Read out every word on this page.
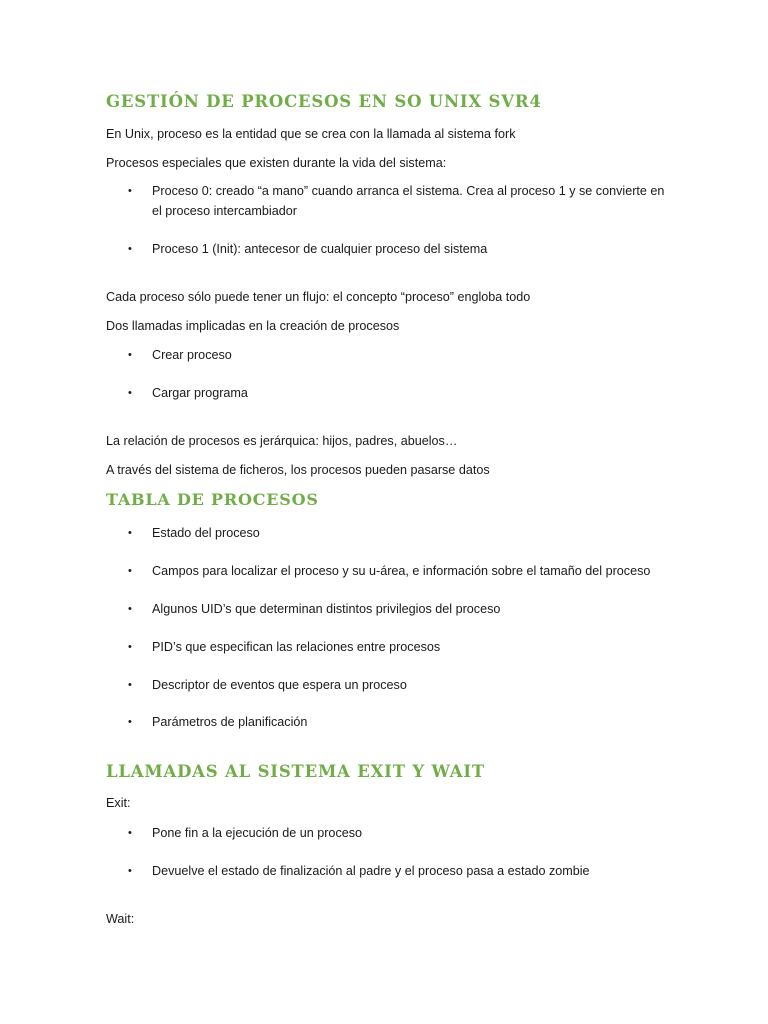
GESTIÓN DE PROCESOS EN SO UNIX SVR4

En Unix, proceso es la entidad que se crea con la llamada al sistema fork

Procesos especiales que existen durante la vida del sistema:

• Proceso 0: creado “a mano” cuando arranca el sistema. Crea al proceso 1 y se convierte en el proceso intercambiador

• Proceso 1 (Init): antecesor de cualquier proceso del sistema

Cada proceso sólo puede tener un flujo: el concepto “proceso” engloba todo

Dos llamadas implicadas en la creación de procesos

• Crear proceso

• Cargar programa

La relación de procesos es jerárquica: hijos, padres, abuelos…

A través del sistema de ficheros, los procesos pueden pasarse datos

TABLA DE PROCESOS
• Estado del proceso

• Campos para localizar el proceso y su u-área, e información sobre el tamaño del proceso

• Algunos UID’s que determinan distintos privilegios del proceso

• PID’s que especifican las relaciones entre procesos

• Descriptor de eventos que espera un proceso

• Parámetros de planificación

LLAMADAS AL SISTEMA EXIT Y WAIT

Exit:

• Pone fin a la ejecución de un proceso

• Devuelve el estado de finalización al padre y el proceso pasa a estado zombie

Wait:
